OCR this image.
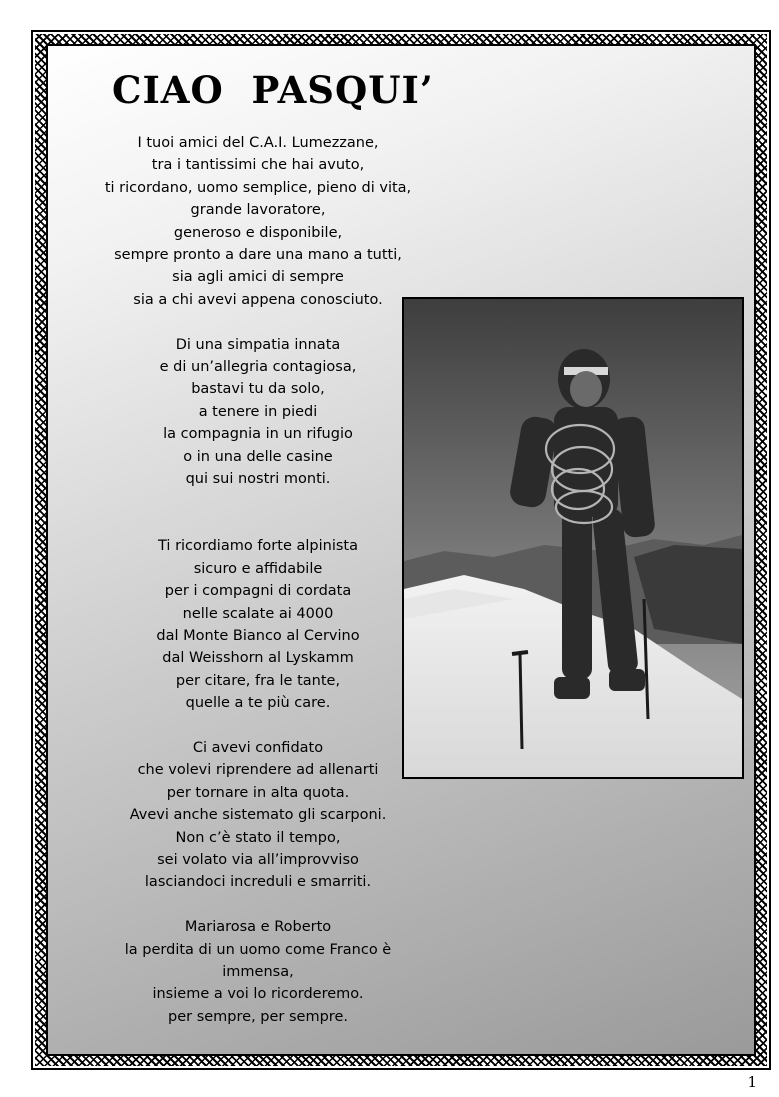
CIAO  PASQUI’
I tuoi amici del C.A.I. Lumezzane,
tra i tantissimi che hai avuto,
ti ricordano, uomo semplice, pieno di vita,
grande lavoratore,
generoso e disponibile,
sempre pronto a dare una mano a tutti,
sia agli amici di sempre
sia a chi avevi appena conosciuto.
Di una simpatia innata
e di un’allegria contagiosa,
bastavi tu da solo,
a tenere in piedi
la compagnia in un rifugio
o in una delle casine
qui sui nostri monti.
Ti ricordiamo forte alpinista
sicuro e affidabile
per i compagni di cordata
nelle scalate ai 4000
dal Monte Bianco al Cervino
dal Weisshorn al Lyskamm
per citare, fra le tante,
quelle a te più care.
Ci avevi confidato
che volevi riprendere ad allenarti
per tornare in alta quota.
Avevi anche sistemato gli scarponi.
Non c’è stato il tempo,
sei volato via all’improvviso
lasciandoci increduli e smarriti.
Mariarosa e Roberto
la perdita di un uomo come Franco è
immensa,
insieme a voi lo ricorderemo.
per sempre, per sempre.
1
